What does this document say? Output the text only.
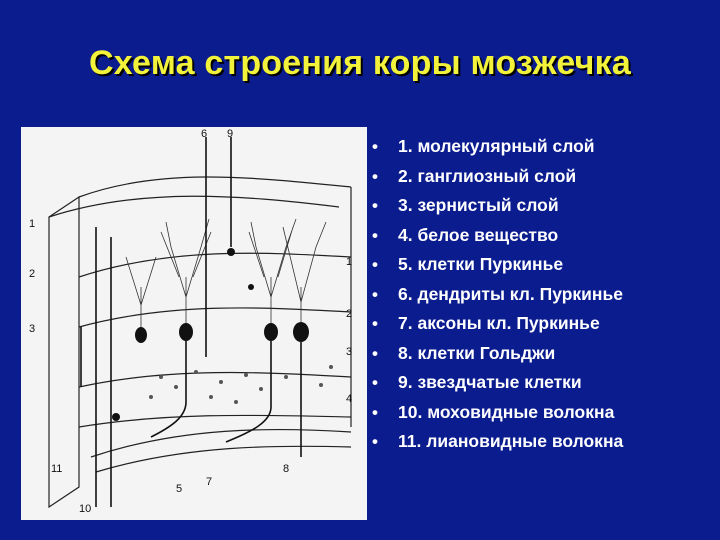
Схема строения коры мозжечка
1
2
3
1
2
3
4
6 9
11
10
5
7
8
• 1. молекулярный слой
• 2. ганглиозный слой
• 3. зернистый слой
• 4. белое вещество
• 5. клетки Пуркинье
• 6. дендриты кл. Пуркинье
• 7. аксоны кл. Пуркинье
• 8. клетки Гольджи
• 9. звездчатые клетки
• 10. моховидные волокна
• 11. лиановидные волокна
